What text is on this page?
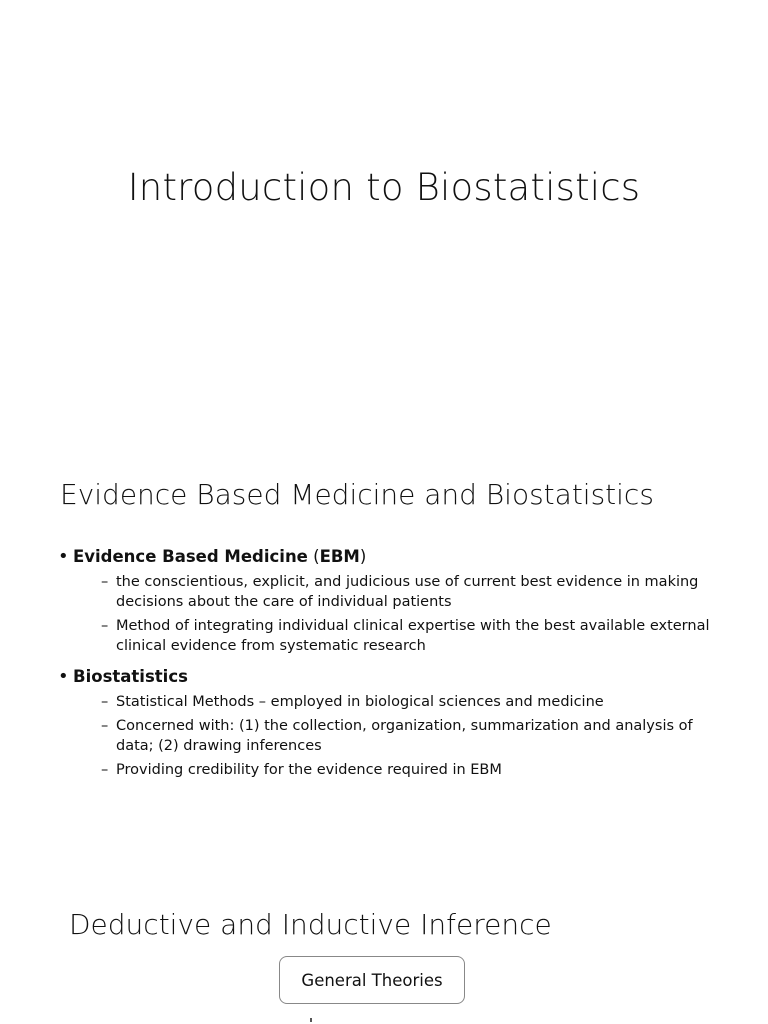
Introduction to Biostatistics
Evidence Based Medicine and Biostatistics
• Evidence Based Medicine (EBM)
– the conscientious, explicit, and judicious use of current best evidence in making decisions about the care of individual patients
– Method of integrating individual clinical expertise with the best available external clinical evidence from systematic research
• Biostatistics
– Statistical Methods – employed in biological sciences and medicine
– Concerned with: (1) the collection, organization, summarization and analysis of data; (2) drawing inferences
– Providing credibility for the evidence required in EBM
Deductive and Inductive Inference
General Theories
